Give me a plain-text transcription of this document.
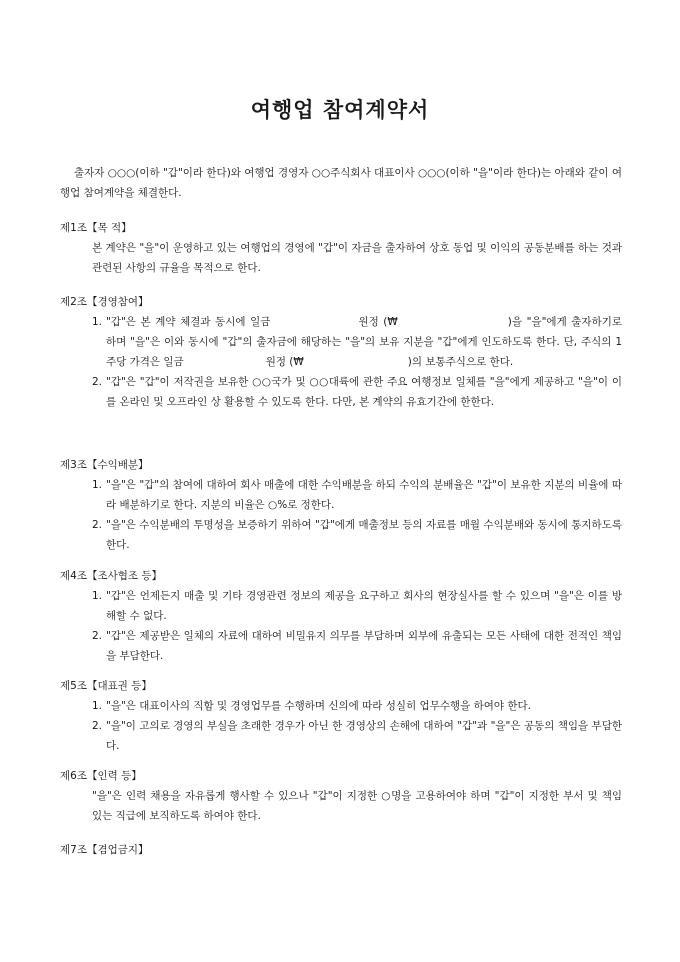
여행업 참여계약서
출자자 ○○○(이하 "갑"이라 한다)와 여행업 경영자 ○○주식회사 대표이사 ○○○(이하 "을"이라 한다)는 아래와 같이 여행업 참여계약을 체결한다.
제1조【목 적】
본 계약은 "을"이 운영하고 있는 여행업의 경영에 "갑"이 자금을 출자하여 상호 동업 및 이익의 공동분배를 하는 것과 관련된 사항의 규율을 목적으로 한다.
제2조【경영참여】
1. "갑"은 본 계약 체결과 동시에 일금	원정 (₩	)을 "을"에게 출자하기로 하며 "을"은 이와 동시에 "갑"의 출자금에 해당하는 "을"의 보유 지분을 "갑"에게 인도하도록 한다. 단, 주식의 1주당 가격은 일금	원정 (₩	)의 보통주식으로 한다.
2. "갑"은 "갑"이 저작권을 보유한 ○○국가 및 ○○대륙에 관한 주요 여행정보 일체를 "을"에게 제공하고 "을"이 이를 온라인 및 오프라인 상 활용할 수 있도록 한다. 다만, 본 계약의 유효기간에 한한다.
제3조【수익배분】
1. "을"은 "갑"의 참여에 대하여 회사 매출에 대한 수익배분을 하되 수익의 분배율은 "갑"이 보유한 지분의 비율에 따라 배분하기로 한다. 지분의 비율은 ○%로 정한다.
2. "을"은 수익분배의 투명성을 보증하기 위하여 "갑"에게 매출정보 등의 자료를 매월 수익분배와 동시에 통지하도록 한다.
제4조【조사협조 등】
1. "갑"은 언제든지 매출 및 기타 경영관련 정보의 제공을 요구하고 회사의 현장실사를 할 수 있으며 "을"은 이를 방해할 수 없다.
2. "갑"은 제공받은 일체의 자료에 대하여 비밀유지 의무를 부담하며 외부에 유출되는 모든 사태에 대한 전적인 책임을 부담한다.
제5조【대표권 등】
1. "을"은 대표이사의 직함 및 경영업무를 수행하며 신의에 따라 성실히 업무수행을 하여야 한다.
2. "을"이 고의로 경영의 부실을 초래한 경우가 아닌 한 경영상의 손해에 대하여 "갑"과 "을"은 공동의 책임을 부담한다.
제6조【인력 등】
"을"은 인력 채용을 자유롭게 행사할 수 있으나 "갑"이 지정한 ○명을 고용하여야 하며 "갑"이 지정한 부서 및 책임 있는 직급에 보직하도록 하여야 한다.
제7조【겸업금지】
